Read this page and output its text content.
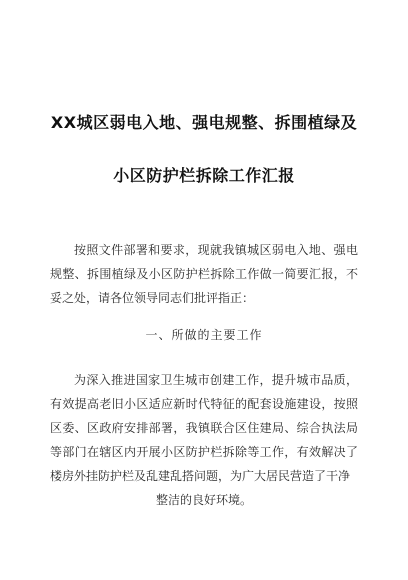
XX城区弱电入地、强电规整、拆围植绿及
小区防护栏拆除工作汇报

按照文件部署和要求，现就我镇城区弱电入地、强电规整、拆围植绿及小区防护栏拆除工作做一简要汇报，不妥之处，请各位领导同志们批评指正：

一、所做的主要工作

为深入推进国家卫生城市创建工作，提升城市品质，有效提高老旧小区适应新时代特征的配套设施建设，按照区委、区政府安排部署，我镇联合区住建局、综合执法局等部门在辖区内开展小区防护栏拆除等工作，有效解决了楼房外挂防护栏及乱建乱搭问题，为广大居民营造了干净
整洁的良好环境。
